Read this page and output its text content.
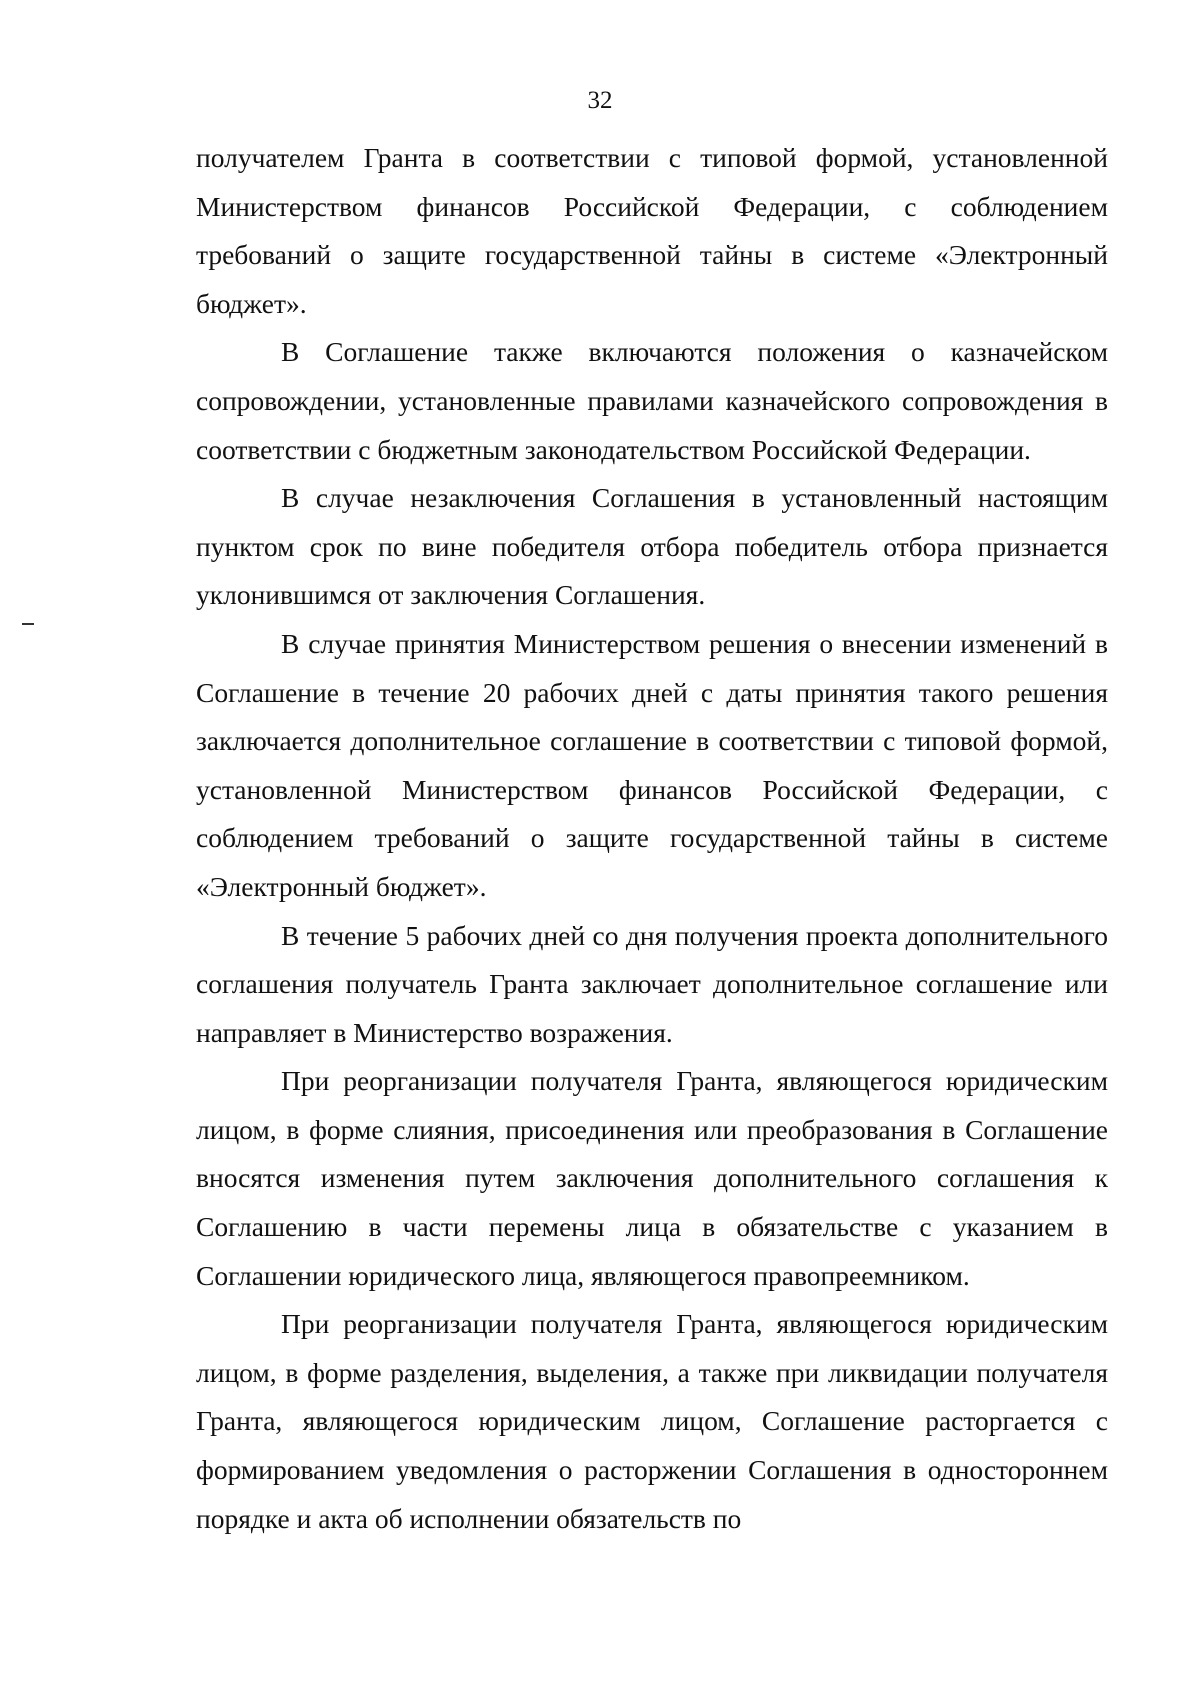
32

получателем Гранта в соответствии с типовой формой, установленной Министерством финансов Российской Федерации, с соблюдением требований о защите государственной тайны в системе «Электронный бюджет».

В Соглашение также включаются положения о казначейском сопровождении, установленные правилами казначейского сопровождения в соответствии с бюджетным законодательством Российской Федерации.

В случае незаключения Соглашения в установленный настоящим пунктом срок по вине победителя отбора победитель отбора признается уклонившимся от заключения Соглашения.

В случае принятия Министерством решения о внесении изменений в Соглашение в течение 20 рабочих дней с даты принятия такого решения заключается дополнительное соглашение в соответствии с типовой формой, установленной Министерством финансов Российской Федерации, с соблюдением требований о защите государственной тайны в системе «Электронный бюджет».

В течение 5 рабочих дней со дня получения проекта дополнительного соглашения получатель Гранта заключает дополнительное соглашение или направляет в Министерство возражения.

При реорганизации получателя Гранта, являющегося юридическим лицом, в форме слияния, присоединения или преобразования в Соглашение вносятся изменения путем заключения дополнительного соглашения к Соглашению в части перемены лица в обязательстве с указанием в Соглашении юридического лица, являющегося правопреемником.

При реорганизации получателя Гранта, являющегося юридическим лицом, в форме разделения, выделения, а также при ликвидации получателя Гранта, являющегося юридическим лицом, Соглашение расторгается с формированием уведомления о расторжении Соглашения в одностороннем порядке и акта об исполнении обязательств по
